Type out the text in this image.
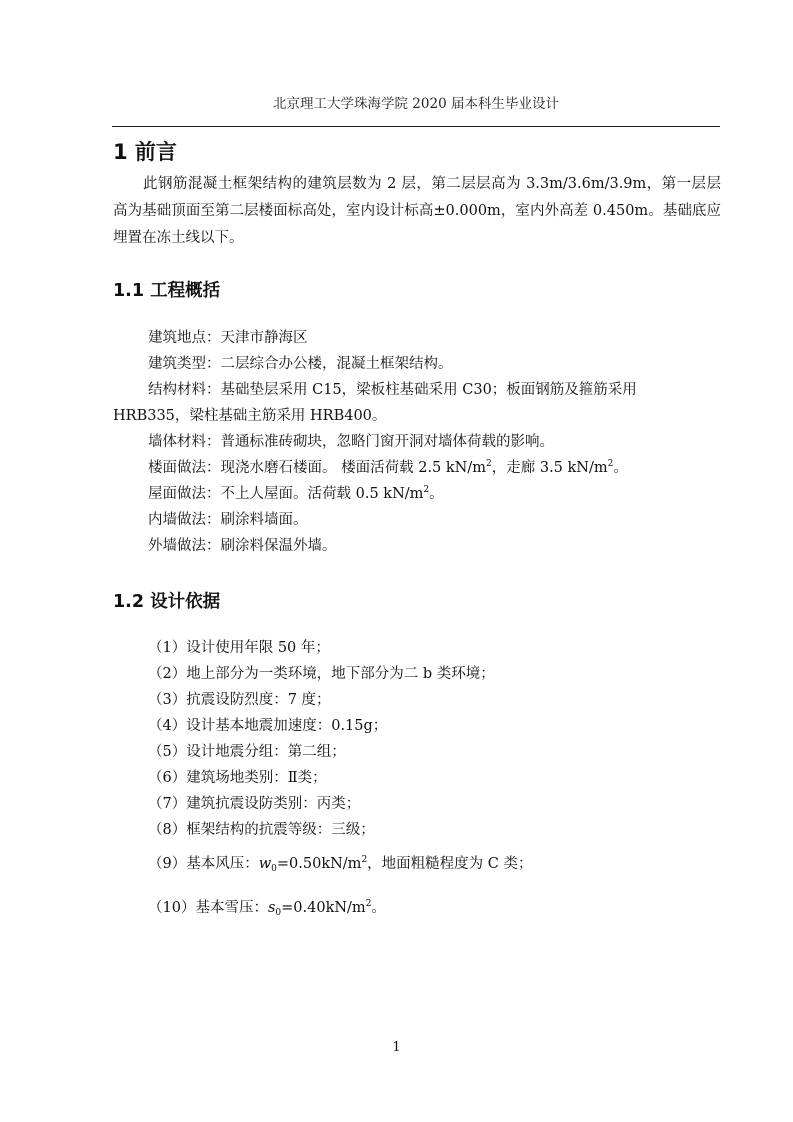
北京理工大学珠海学院 2020 届本科生毕业设计
1 前言

此钢筋混凝土框架结构的建筑层数为 2 层，第二层层高为 3.3m/3.6m/3.9m，第一层层高为基础顶面至第二层楼面标高处，室内设计标高±0.000m，室内外高差 0.450m。基础底应埋置在冻土线以下。

1.1 工程概括
建筑地点：天津市静海区
建筑类型：二层综合办公楼，混凝土框架结构。
结构材料：基础垫层采用 C15，梁板柱基础采用 C30；板面钢筋及箍筋采用
HRB335，梁柱基础主筋采用 HRB400。
墙体材料：普通标准砖砌块，忽略门窗开洞对墙体荷载的影响。
楼面做法：现浇水磨石楼面。 楼面活荷载 2.5 $kN/m^2$，走廊 3.5 $kN/m^2$。
屋面做法：不上人屋面。活荷载 0.5 $kN/m^2$。
内墙做法：刷涂料墙面。
外墙做法：刷涂料保温外墙。
1.2 设计依据
（1）设计使用年限 50 年；
（2）地上部分为一类环境，地下部分为二 b 类环境；
（3）抗震设防烈度：7 度；
（4）设计基本地震加速度：0.15g；
（5）设计地震分组：第二组；
（6）建筑场地类别：Ⅱ类；
（7）建筑抗震设防类别：丙类；
（8）框架结构的抗震等级：三级；
（9）基本风压：$w_0=0.50kN/m^2$，地面粗糙程度为 C 类；
（10）基本雪压：$s_0=0.40kN/m^2$。
1
